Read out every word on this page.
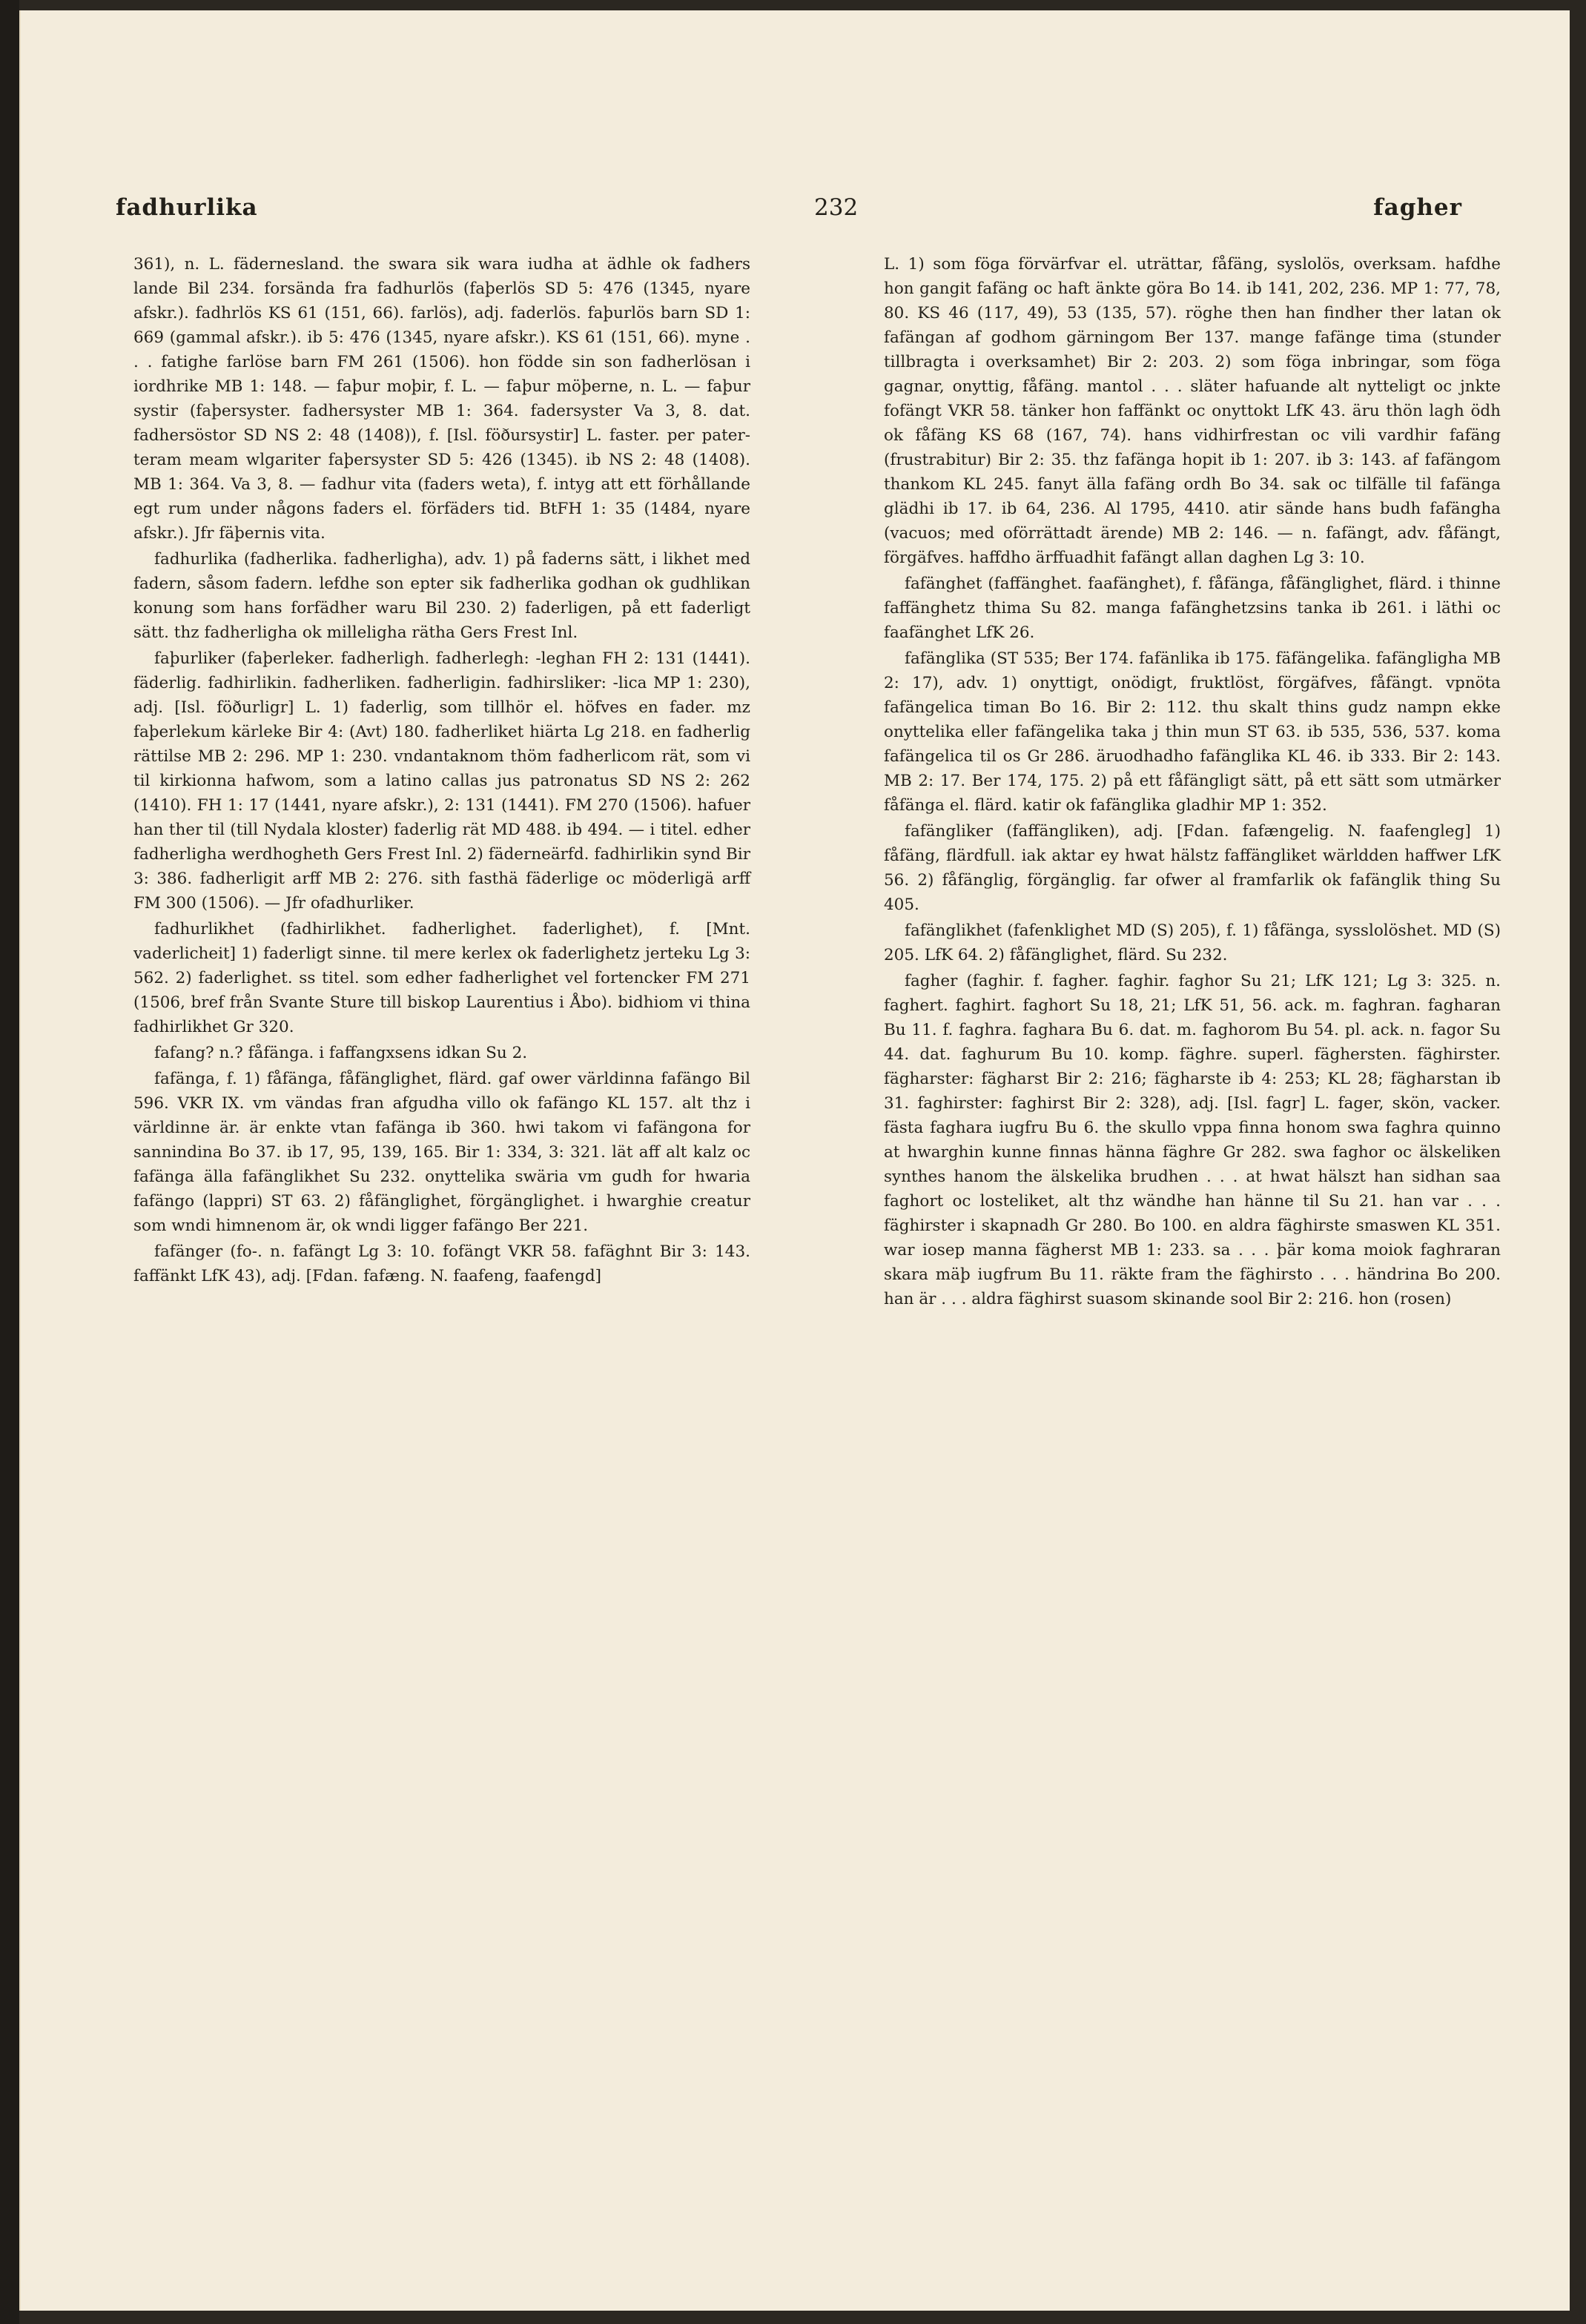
fadhurlika	232	fagher

361), n. L. fädernesland. the swara sik wara iudha at ädhle ok fadhers lande Bil 234. forsända fra fadhurlös (faþerlös SD 5: 476 (1345, nyare afskr.). fadhrlös KS 61 (151, 66). farlös), adj. faderlös. faþurlös barn SD 1: 669 (gammal afskr.). ib 5: 476 (1345, nyare afskr.). KS 61 (151, 66). myne . . . fatighe farlöse barn FM 261 (1506). hon födde sin son fadherlösan i iordhrike MB 1: 148. — faþur moþir, f. L. — faþur möþerne, n. L. — faþur systir (faþersyster. fadhersyster MB 1: 364. fadersyster Va 3, 8. dat. fadhersöstor SD NS 2: 48 (1408)), f. [Isl. föðursystir] L. faster. per paterteram meam wlgariter faþersyster SD 5: 426 (1345). ib NS 2: 48 (1408). MB 1: 364. Va 3, 8. — fadhur vita (faders weta), f. intyg att ett förhållande egt rum under någons faders el. förfäders tid. BtFH 1: 35 (1484, nyare afskr.). Jfr fäþernis vita.

fadhurlika (fadherlika. fadherligha), adv. 1) på faderns sätt, i likhet med fadern, såsom fadern. lefdhe son epter sik fadherlika godhan ok gudhlikan konung som hans forfädher waru Bil 230. 2) faderligen, på ett faderligt sätt. thz fadherligha ok milleligha rätha Gers Frest Inl.

faþurliker (faþerleker. fadherligh. fadherlegh: -leghan FH 2: 131 (1441). fäderlig. fadhirlikin. fadherliken. fadherligin. fadhirsliker: -lica MP 1: 230), adj. [Isl. föðurligr] L. 1) faderlig, som tillhör el. höfves en fader. mz faþerlekum kärleke Bir 4: (Avt) 180. fadherliket hiärta Lg 218. en fadherlig rättilse MB 2: 296. MP 1: 230. vndantaknom thöm fadherlicom rät, som vi til kirkionna hafwom, som a latino callas jus patronatus SD NS 2: 262 (1410). FH 1: 17 (1441, nyare afskr.), 2: 131 (1441). FM 270 (1506). hafuer han ther til (till Nydala kloster) faderlig rät MD 488. ib 494. — i titel. edher fadherligha werdhogheth Gers Frest Inl. 2) fäderneärfd. fadhirlikin synd Bir 3: 386. fadherligit arff MB 2: 276. sith fasthä fäderlige oc möderligä arff FM 300 (1506). — Jfr ofadhurliker.

fadhurlikhet (fadhirlikhet. fadherlighet. faderlighet), f. [Mnt. vaderlicheit] 1) faderligt sinne. til mere kerlex ok faderlighetz jerteku Lg 3: 562. 2) faderlighet. ss titel. som edher fadherlighet vel fortencker FM 271 (1506, bref från Svante Sture till biskop Laurentius i Åbo). bidhiom vi thina fadhirlikhet Gr 320.

fafang? n.? fåfänga. i faffangxsens idkan Su 2.

fafänga, f. 1) fåfänga, fåfänglighet, flärd. gaf ower världinna fafängo Bil 596. VKR IX. vm vändas fran afgudha villo ok fafängo KL 157. alt thz i världinne är. är enkte vtan fafänga ib 360. hwi takom vi fafängona for sannindina Bo 37. ib 17, 95, 139, 165. Bir 1: 334, 3: 321. lät aff alt kalz oc fafänga älla fafänglikhet Su 232. onyttelika swäria vm gudh for hwaria fafängo (lappri) ST 63. 2) fåfänglighet, förgänglighet. i hwarghie creatur som wndi himnenom är, ok wndi ligger fafängo Ber 221.

fafänger (fo-. n. fafängt Lg 3: 10. fofängt VKR 58. fafäghnt Bir 3: 143. faffänkt LfK 43), adj. [Fdan. fafæng. N. faafeng, faafengd]

L. 1) som föga förvärfvar el. uträttar, fåfäng, syslolös, overksam. hafdhe hon gangit fafäng oc haft änkte göra Bo 14. ib 141, 202, 236. MP 1: 77, 78, 80. KS 46 (117, 49), 53 (135, 57). röghe then han findher ther latan ok fafängan af godhom gärningom Ber 137. mange fafänge tima (stunder tillbragta i overksamhet) Bir 2: 203. 2) som föga inbringar, som föga gagnar, onyttig, fåfäng. mantol . . . släter hafuande alt nytteligt oc jnkte fofängt VKR 58. tänker hon faffänkt oc onyttokt LfK 43. äru thön lagh ödh ok fåfäng KS 68 (167, 74). hans vidhirfrestan oc vili vardhir fafäng (frustrabitur) Bir 2: 35. thz fafänga hopit ib 1: 207. ib 3: 143. af fafängom thankom KL 245. fanyt älla fafäng ordh Bo 34. sak oc tilfälle til fafänga glädhi ib 17. ib 64, 236. Al 1795, 4410. atir sände hans budh fafängha (vacuos; med oförrättadt ärende) MB 2: 146. — n. fafängt, adv. fåfängt, förgäfves. haffdho ärffuadhit fafängt allan daghen Lg 3: 10.

fafänghet (faffänghet. faafänghet), f. fåfänga, fåfänglighet, flärd. i thinne faffänghetz thima Su 82. manga fafänghetzsins tanka ib 261. i läthi oc faafänghet LfK 26.

fafänglika (ST 535; Ber 174. fafänlika ib 175. fäfängelika. fafänglighа MB 2: 17), adv. 1) onyttigt, onödigt, fruktlöst, förgäfves, fåfängt. vpnöta fafängelica timan Bo 16. Bir 2: 112. thu skalt thins gudz nampn ekke onyttelika eller fafängelika taka j thin mun ST 63. ib 535, 536, 537. koma fafängelica til os Gr 286. äruodhadho fafänglika KL 46. ib 333. Bir 2: 143. MB 2: 17. Ber 174, 175. 2) på ett fåfängligt sätt, på ett sätt som utmärker fåfänga el. flärd. katir ok fafänglika gladhir MP 1: 352.

fafängliker (faffängliken), adj. [Fdan. fafængelig. N. faafengleg] 1) fåfäng, flärdfull. iak aktar ey hwat hälstz faffängliket wärldden haffwer LfK 56. 2) fåfänglig, förgänglig. far ofwer al framfarlik ok fafänglik thing Su 405.

fafänglikhet (fafenklighet MD (S) 205), f. 1) fåfänga, sysslolöshet. MD (S) 205. LfK 64. 2) fåfänglighet, flärd. Su 232.

fagher (faghir. f. fagher. faghir. faghor Su 21; LfK 121; Lg 3: 325. n. faghert. faghirt. faghort Su 18, 21; LfK 51, 56. ack. m. faghran. fagharan Bu 11. f. faghra. faghara Bu 6. dat. m. faghorom Bu 54. pl. ack. n. fagor Su 44. dat. faghurum Bu 10. komp. fäghre. superl. fäghersten. fäghirster. fägharster: fägharst Bir 2: 216; fägharste ib 4: 253; KL 28; fägharstan ib 31. faghirster: faghirst Bir 2: 328), adj. [Isl. fagr] L. fager, skön, vacker. fästa faghara iugfru Bu 6. the skullo vppa finna honom swa faghra quinno at hwarghin kunne finnas hänna fäghre Gr 282. swa faghor oc älskeliken synthes hanom the älskelika brudhen . . . at hwat hälszt han sidhan saa faghort oc losteliket, alt thz wändhe han hänne til Su 21. han var . . . fäghirster i skapnadh Gr 280. Bo 100. en aldra fäghirste smaswen KL 351. war iosep manna fägherst MB 1: 233. sa . . . þär koma moiok faghraran skara mäþ iugfrum Bu 11. räkte fram the fäghirsto . . . händrina Bo 200. han är . . . aldra fäghirst suasom skinande sool Bir 2: 216. hon (rosen)
